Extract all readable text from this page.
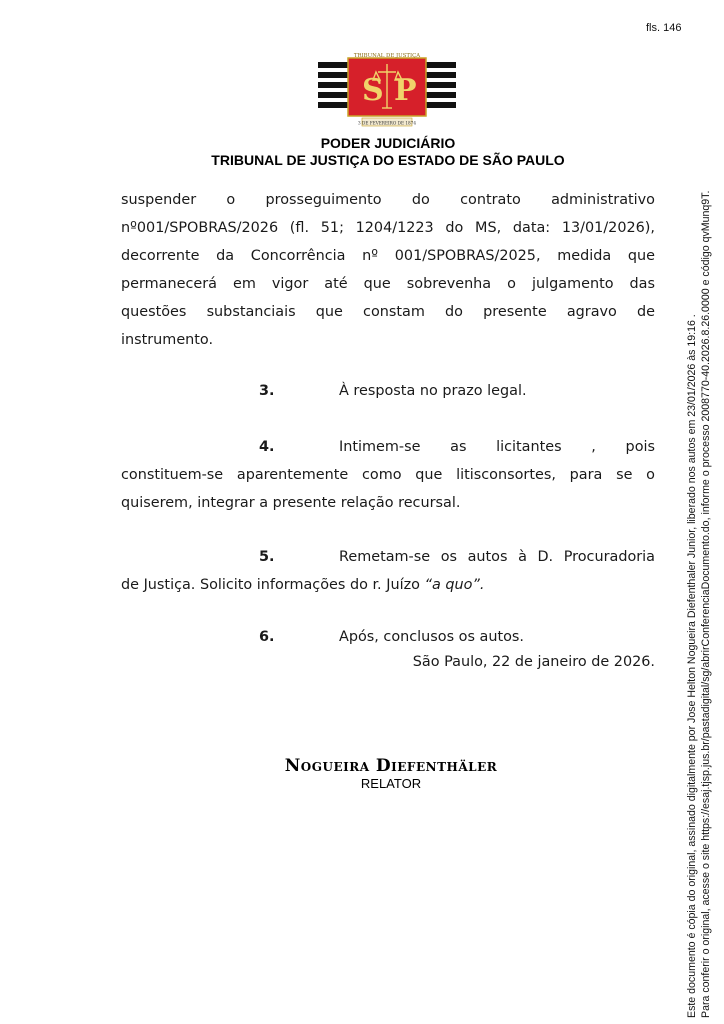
fls. 146
S P
TRIBUNAL DE JUSTIÇA
3 DE FEVEREIRO DE 1874
PODER JUDICIÁRIO
TRIBUNAL DE JUSTIÇA DO ESTADO DE SÃO PAULO
suspender o prosseguimento do contrato administrativo
nº001/SPOBRAS/2026 (fl. 51; 1204/1223 do MS, data: 13/01/2026),
decorrente da Concorrência nº 001/SPOBRAS/2025, medida que
permanecerá em vigor até que sobrevenha o julgamento das
questões substanciais que constam do presente agravo de
instrumento.
3.	À resposta no prazo legal.
4.	Intimem-se as licitantes , pois
constituem-se aparentemente como que litisconsortes, para se o quiserem, integrar a presente relação recursal.
5.	Remetam-se os autos à D. Procuradoria
de Justiça. Solicito informações do r. Juízo “a quo”.
6.	Após, conclusos os autos.
São Paulo, 22 de janeiro de 2026.
Nogueira Diefenthäler
RELATOR	Este documento é cópia do original, assinado digitalmente por Jose Helton Nogueira Diefenthaler Junior, liberado nos autos em 23/01/2026 às 19:16 . Para conferir o original, acesse o site https://esaj.tjsp.jus.br/pastadigital/sg/abrirConferenciaDocumento.do, informe o processo 2008770-40.2026.8.26.0000 e código qvMunq9T.
